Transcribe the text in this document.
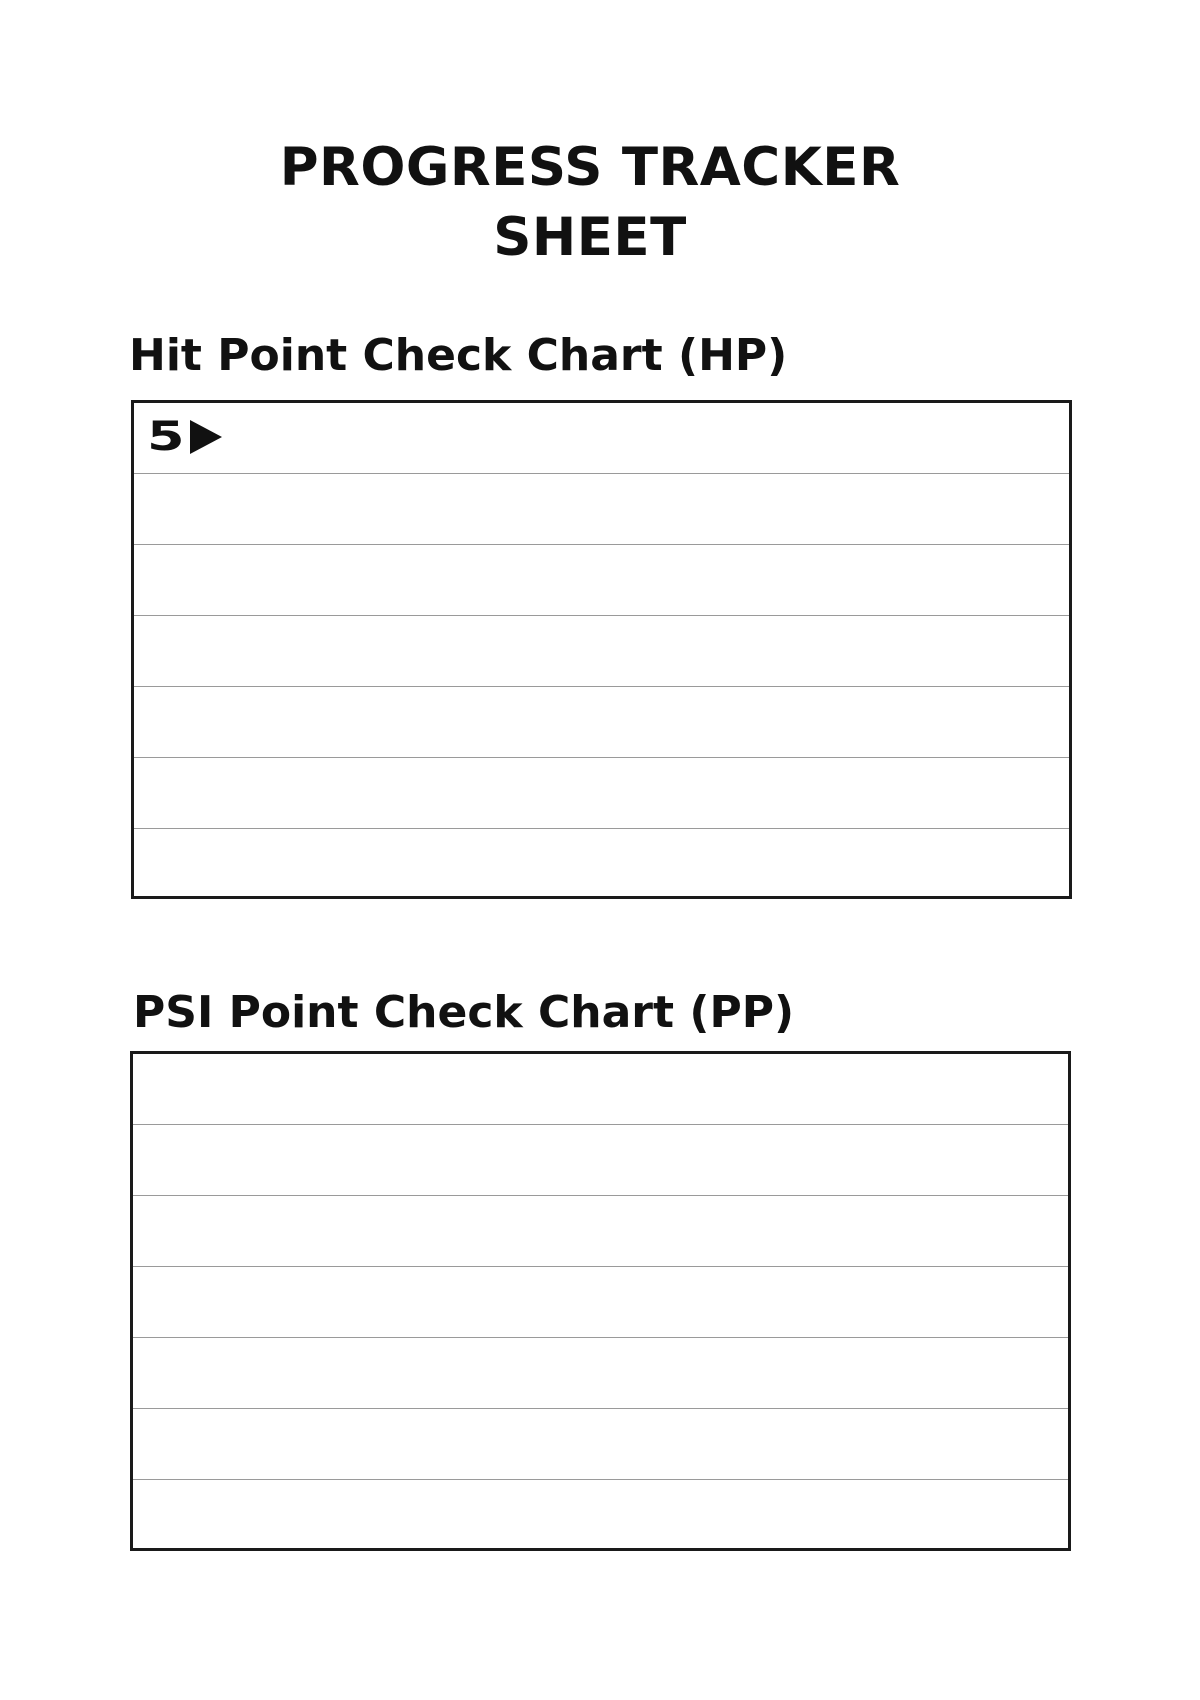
PROGRESS TRACKER
SHEET
Hit Point Check Chart (HP)
5
PSI Point Check Chart (PP)
